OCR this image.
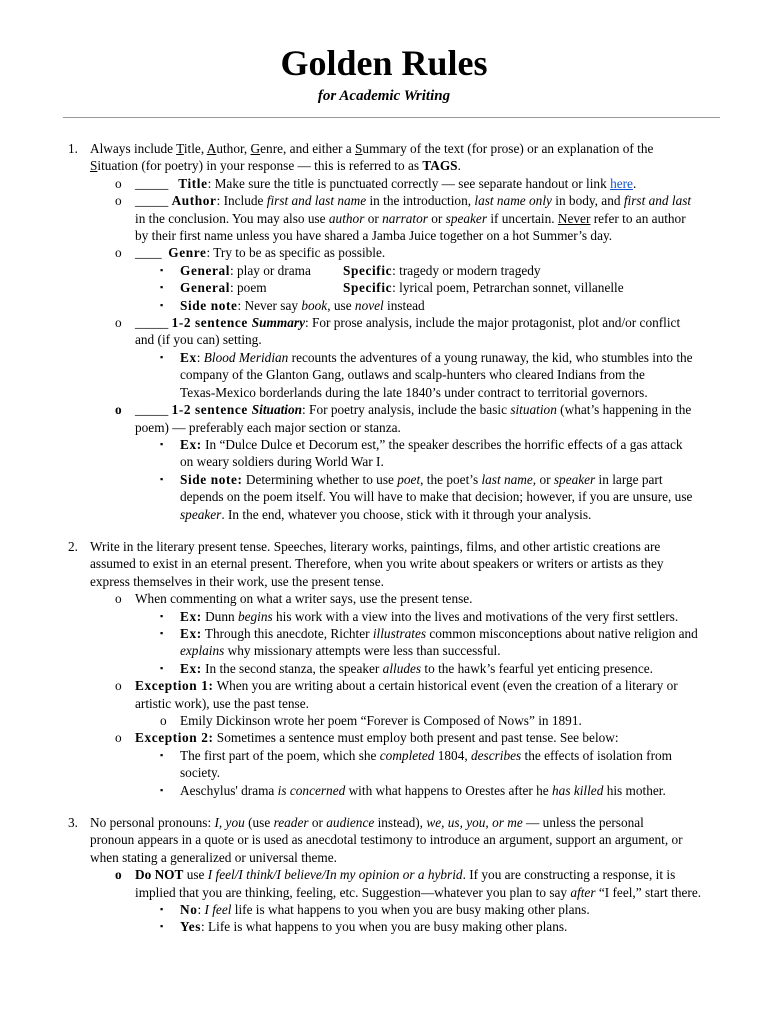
Golden Rules
for Academic Writing
1. Always include Title, Author, Genre, and either a Summary of the text (for prose) or an explanation of the
Situation (for poetry) in your response — this is referred to as TAGS.
o _____ Title: Make sure the title is punctuated correctly — see separate handout or link here.
o _____ Author: Include first and last name in the introduction, last name only in body, and first and last
in the conclusion. You may also use author or narrator or speaker if uncertain. Never refer to an author
by their first name unless you have shared a Jamba Juice together on a hot Summer’s day.
o ____ Genre: Try to be as specific as possible.
▪ General: play or drama Specific: tragedy or modern tragedy
▪ General: poem	Specific: lyrical poem, Petrarchan sonnet, villanelle
▪ Side note: Never say book, use novel instead
o _____ 1-2 sentence Summary: For prose analysis, include the major protagonist, plot and/or conflict
and (if you can) setting.
▪ Ex: Blood Meridian recounts the adventures of a young runaway, the kid, who stumbles into the
company of the Glanton Gang, outlaws and scalp-hunters who cleared Indians from the
Texas-Mexico borderlands during the late 1840’s under contract to territorial governors.
o _____ 1-2 sentence Situation: For poetry analysis, include the basic situation (what’s happening in the
poem) — preferably each major section or stanza.
▪ Ex: In “Dulce Dulce et Decorum est,” the speaker describes the horrific effects of a gas attack
on weary soldiers during World War I.
▪ Side note: Determining whether to use poet, the poet’s last name, or speaker in large part
depends on the poem itself. You will have to make that decision; however, if you are unsure, use
speaker. In the end, whatever you choose, stick with it through your analysis.
2. Write in the literary present tense. Speeches, literary works, paintings, films, and other artistic creations are
assumed to exist in an eternal present. Therefore, when you write about speakers or writers or artists as they
express themselves in their work, use the present tense.
o When commenting on what a writer says, use the present tense.
▪ Ex: Dunn begins his work with a view into the lives and motivations of the very first settlers.
▪ Ex: Through this anecdote, Richter illustrates common misconceptions about native religion and
explains why missionary attempts were less than successful.
▪ Ex: In the second stanza, the speaker alludes to the hawk’s fearful yet enticing presence.
o Exception 1: When you are writing about a certain historical event (even the creation of a literary or
artistic work), use the past tense.
o Emily Dickinson wrote her poem “Forever is Composed of Nows” in 1891.
o Exception 2: Sometimes a sentence must employ both present and past tense. See below:
▪ The first part of the poem, which she completed 1804, describes the effects of isolation from
society.
▪ Aeschylus' drama is concerned with what happens to Orestes after he has killed his mother.
3. No personal pronouns: I, you (use reader or audience instead), we, us, you, or me — unless the personal
pronoun appears in a quote or is used as anecdotal testimony to introduce an argument, support an argument, or
when stating a generalized or universal theme.
o Do NOT use I feel/I think/I believe/In my opinion or a hybrid. If you are constructing a response, it is
implied that you are thinking, feeling, etc. Suggestion—whatever you plan to say after “I feel,” start there.
▪ No: I feel life is what happens to you when you are busy making other plans.
▪ Yes: Life is what happens to you when you are busy making other plans.
